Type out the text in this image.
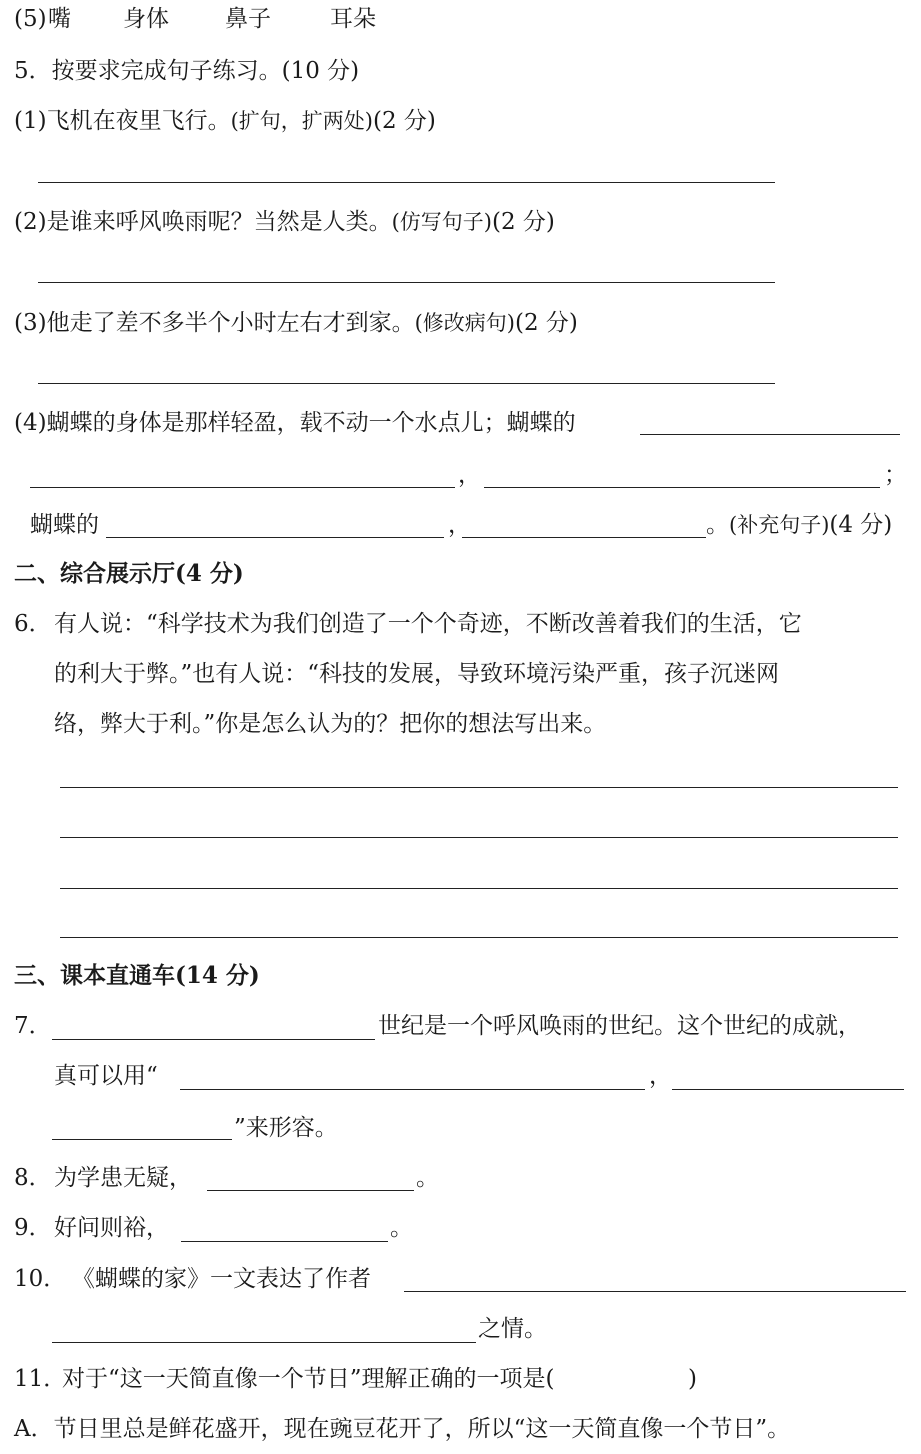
(5) 嘴 身体 鼻子	耳朵
5．按要求完成句子练习。(10 分)
(1)飞机在夜里飞行。(扩句，扩两处)(2 分)
(2)是谁来呼风唤雨呢？当然是人类。(仿写句子)(2 分)
(3)他走了差不多半个小时左右才到家。(修改病句)(2 分)
(4)蝴蝶的身体是那样轻盈，载不动一个水点儿；蝴蝶的
，	；
蝴蝶的	，	。(补充句子)(4 分)
二、综合展示厅(4 分)
6． 有人说：“科学技术为我们创造了一个个奇迹，不断改善着我们的生活，它
的利大于弊。”也有人说：“科技的发展，导致环境污染严重，孩子沉迷网
络，弊大于利。”你是怎么认为的？把你的想法写出来。
三、课本直通车(14 分)
7．	世纪是一个呼风唤雨的世纪。这个世纪的成就，
真可以用“	，
”来形容。
8． 为学患无疑，	。
9． 好问则裕，	。
10． 《蝴蝶的家》一文表达了作者
之情。
11．
对于“这一天简直像一个节日”理解正确的一项是(	)
A．节日里总是鲜花盛开，现在豌豆花开了，所以“这一天简直像一个节日”。
